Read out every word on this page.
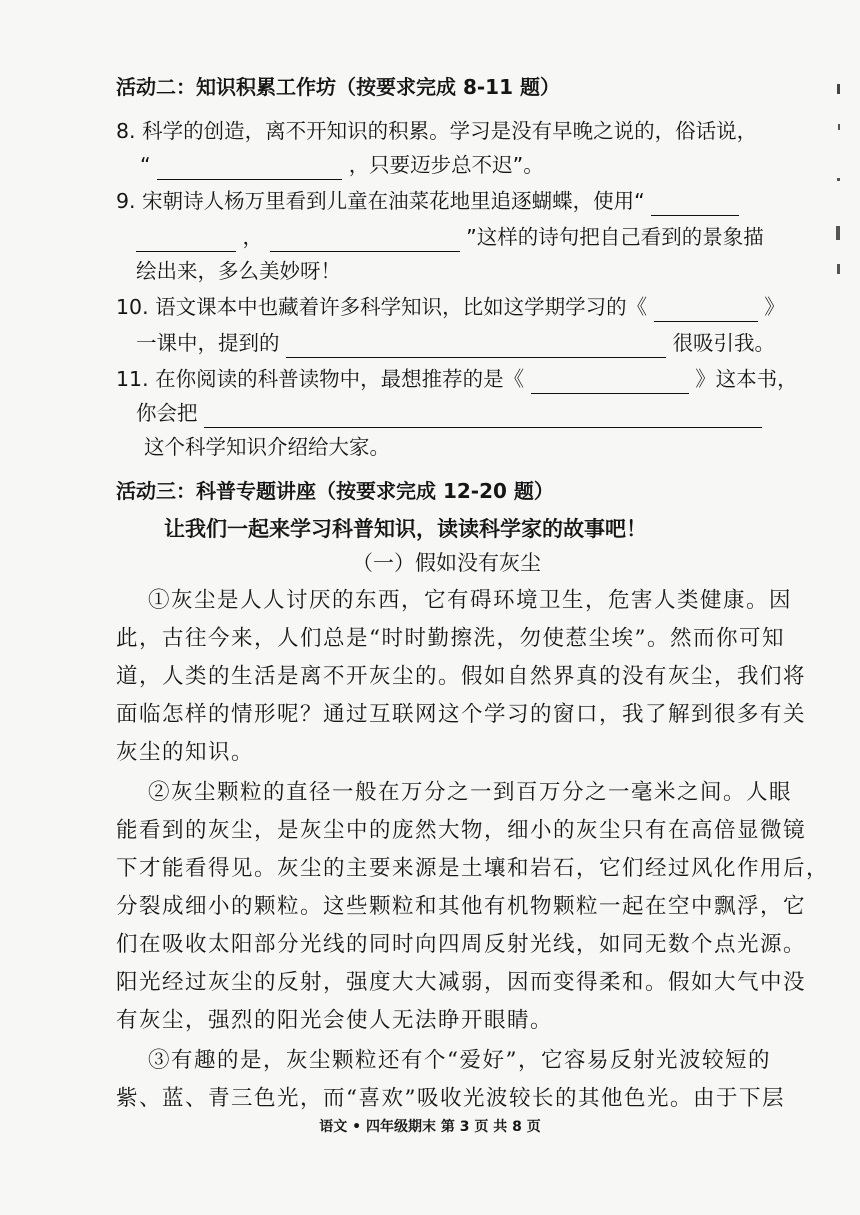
活动二：知识积累工作坊（按要求完成 8-11 题）
8. 科学的创造，离不开知识的积累。学习是没有早晚之说的，俗话说，
“	，只要迈步总不迟”。
9. 宋朝诗人杨万里看到儿童在油菜花地里追逐蝴蝶，使用“
，	”这样的诗句把自己看到的景象描
绘出来，多么美妙呀！
10. 语文课本中也藏着许多科学知识，比如这学期学习的《	》
一课中，提到的	很吸引我。
11. 在你阅读的科普读物中，最想推荐的是《	》这本书，
你会把
这个科学知识介绍给大家。
活动三：科普专题讲座（按要求完成 12-20 题）
让我们一起来学习科普知识，读读科学家的故事吧！
（一）假如没有灰尘
①灰尘是人人讨厌的东西，它有碍环境卫生，危害人类健康。因
此，古往今来，人们总是“时时勤擦洗，勿使惹尘埃”。然而你可知
道，人类的生活是离不开灰尘的。假如自然界真的没有灰尘，我们将
面临怎样的情形呢？通过互联网这个学习的窗口，我了解到很多有关
灰尘的知识。
②灰尘颗粒的直径一般在万分之一到百万分之一毫米之间。人眼
能看到的灰尘，是灰尘中的庞然大物，细小的灰尘只有在高倍显微镜
下才能看得见。灰尘的主要来源是土壤和岩石，它们经过风化作用后，
分裂成细小的颗粒。这些颗粒和其他有机物颗粒一起在空中飘浮，它
们在吸收太阳部分光线的同时向四周反射光线，如同无数个点光源。
阳光经过灰尘的反射，强度大大减弱，因而变得柔和。假如大气中没
有灰尘，强烈的阳光会使人无法睁开眼睛。
③有趣的是，灰尘颗粒还有个“爱好”，它容易反射光波较短的
紫、蓝、青三色光，而“喜欢”吸收光波较长的其他色光。由于下层
语文 • 四年级期末 第 3 页 共 8 页
